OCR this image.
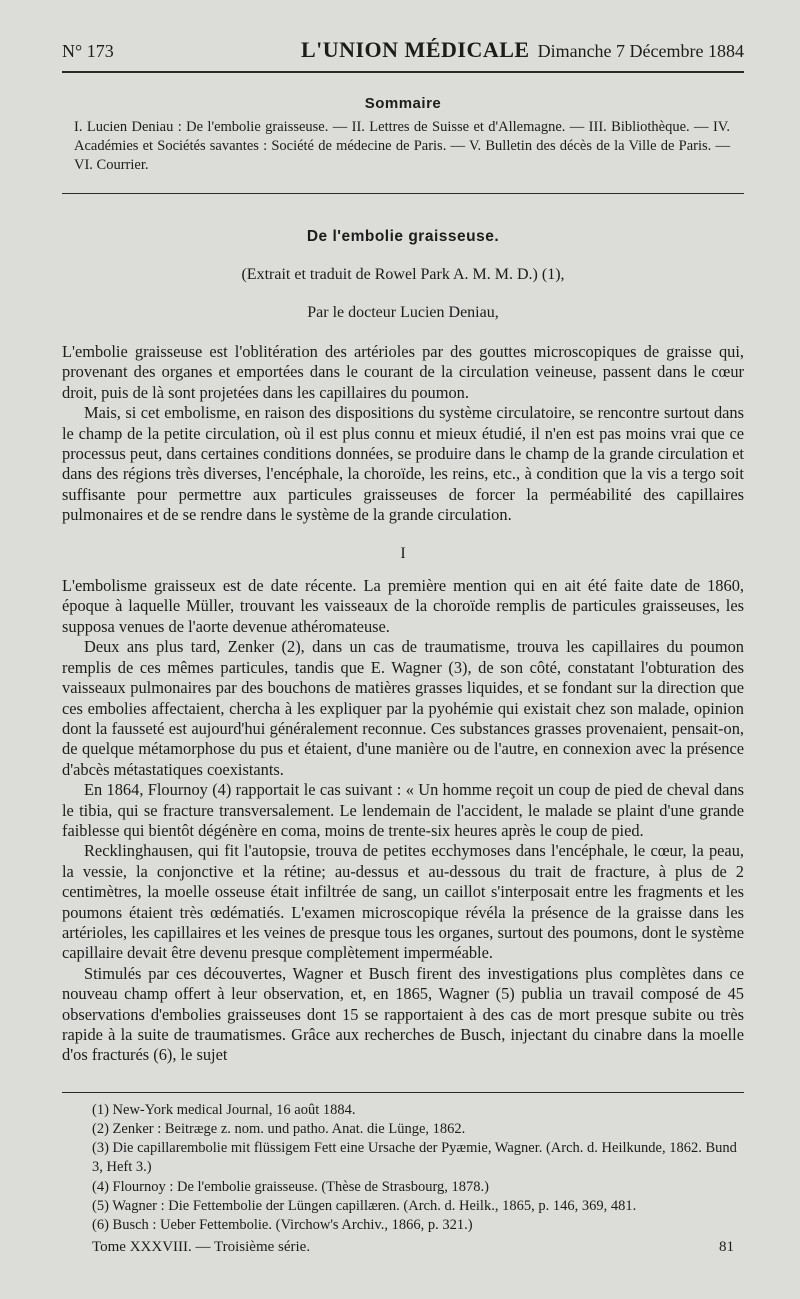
N° 173	L'UNION MÉDICALE Dimanche 7 Décembre 1884
Sommaire
I. Lucien Deniau : De l'embolie graisseuse. — II. Lettres de Suisse et d'Allemagne. — III. Bibliothèque. — IV. Académies et Sociétés savantes : Société de médecine de Paris. — V. Bulletin des décès de la Ville de Paris. — VI. Courrier.
De l'embolie graisseuse.
(Extrait et traduit de Rowel Park A. M. M. D.) (1),
Par le docteur Lucien Deniau,

L'embolie graisseuse est l'oblitération des artérioles par des gouttes microscopiques de graisse qui, provenant des organes et emportées dans le courant de la circulation veineuse, passent dans le cœur droit, puis de là sont projetées dans les capillaires du poumon.

Mais, si cet embolisme, en raison des dispositions du système circulatoire, se rencontre surtout dans le champ de la petite circulation, où il est plus connu et mieux étudié, il n'en est pas moins vrai que ce processus peut, dans certaines conditions données, se produire dans le champ de la grande circulation et dans des régions très diverses, l'encéphale, la choroïde, les reins, etc., à condition que la vis a tergo soit suffisante pour permettre aux particules graisseuses de forcer la perméabilité des capillaires pulmonaires et de se rendre dans le système de la grande circulation.

I

L'embolisme graisseux est de date récente. La première mention qui en ait été faite date de 1860, époque à laquelle Müller, trouvant les vaisseaux de la choroïde remplis de particules graisseuses, les supposa venues de l'aorte devenue athéromateuse.

Deux ans plus tard, Zenker (2), dans un cas de traumatisme, trouva les capillaires du poumon remplis de ces mêmes particules, tandis que E. Wagner (3), de son côté, constatant l'obturation des vaisseaux pulmonaires par des bouchons de matières grasses liquides, et se fondant sur la direction que ces embolies affectaient, chercha à les expliquer par la pyohémie qui existait chez son malade, opinion dont la fausseté est aujourd'hui généralement reconnue. Ces substances grasses provenaient, pensait-on, de quelque métamorphose du pus et étaient, d'une manière ou de l'autre, en connexion avec la présence d'abcès métastatiques coexistants.

En 1864, Flournoy (4) rapportait le cas suivant : « Un homme reçoit un coup de pied de cheval dans le tibia, qui se fracture transversalement. Le lendemain de l'accident, le malade se plaint d'une grande faiblesse qui bientôt dégénère en coma, moins de trente-six heures après le coup de pied.

Recklinghausen, qui fit l'autopsie, trouva de petites ecchymoses dans l'encéphale, le cœur, la peau, la vessie, la conjonctive et la rétine; au-dessus et au-dessous du trait de fracture, à plus de 2 centimètres, la moelle osseuse était infiltrée de sang, un caillot s'interposait entre les fragments et les poumons étaient très œdématiés. L'examen microscopique révéla la présence de la graisse dans les artérioles, les capillaires et les veines de presque tous les organes, surtout des poumons, dont le système capillaire devait être devenu presque complètement imperméable.

Stimulés par ces découvertes, Wagner et Busch firent des investigations plus complètes dans ce nouveau champ offert à leur observation, et, en 1865, Wagner (5) publia un travail composé de 45 observations d'embolies graisseuses dont 15 se rapportaient à des cas de mort presque subite ou très rapide à la suite de traumatismes. Grâce aux recherches de Busch, injectant du cinabre dans la moelle d'os fracturés (6), le sujet

(1) New-York medical Journal, 16 août 1884.
(2) Zenker : Beitræge z. nom. und patho. Anat. die Lünge, 1862.
(3) Die capillarembolie mit flüssigem Fett eine Ursache der Pyæmie, Wagner. (Arch. d. Heilkunde, 1862. Bund 3, Heft 3.)
(4) Flournoy : De l'embolie graisseuse. (Thèse de Strasbourg, 1878.)
(5) Wagner : Die Fettembolie der Lüngen capillæren. (Arch. d. Heilk., 1865, p. 146, 369, 481.
(6) Busch : Ueber Fettembolie. (Virchow's Archiv., 1866, p. 321.)
Tome XXXVIII. — Troisième série.	81
